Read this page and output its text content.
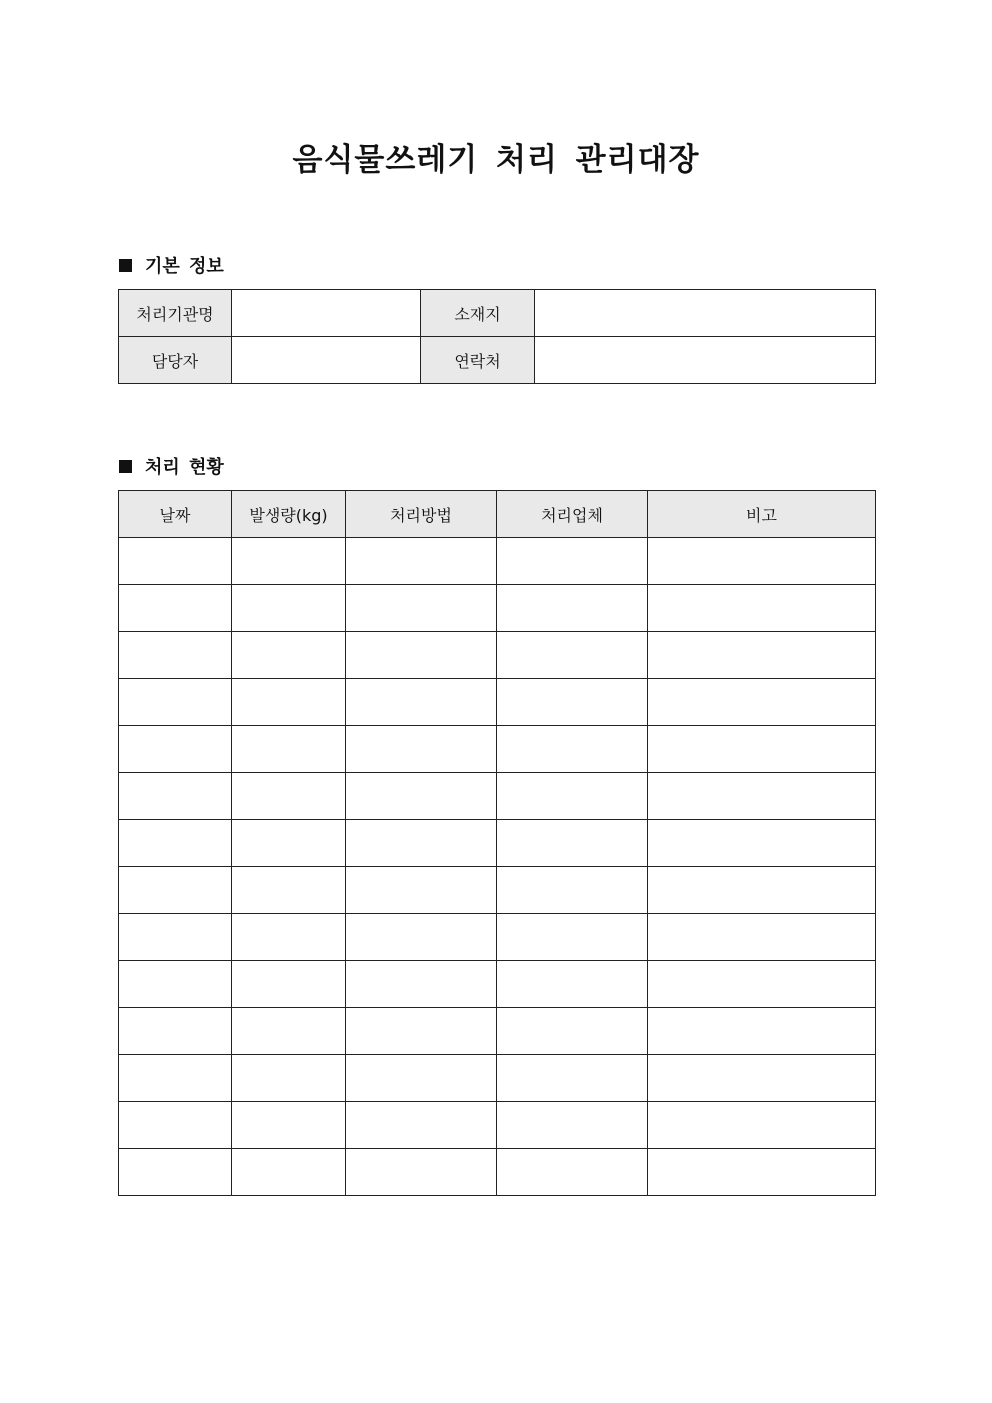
음식물쓰레기 처리 관리대장
기본 정보
처리기관명		소재지	
담당자		연락처	
처리 현황
날짜	발생량(kg)	처리방법	처리업체	비고
